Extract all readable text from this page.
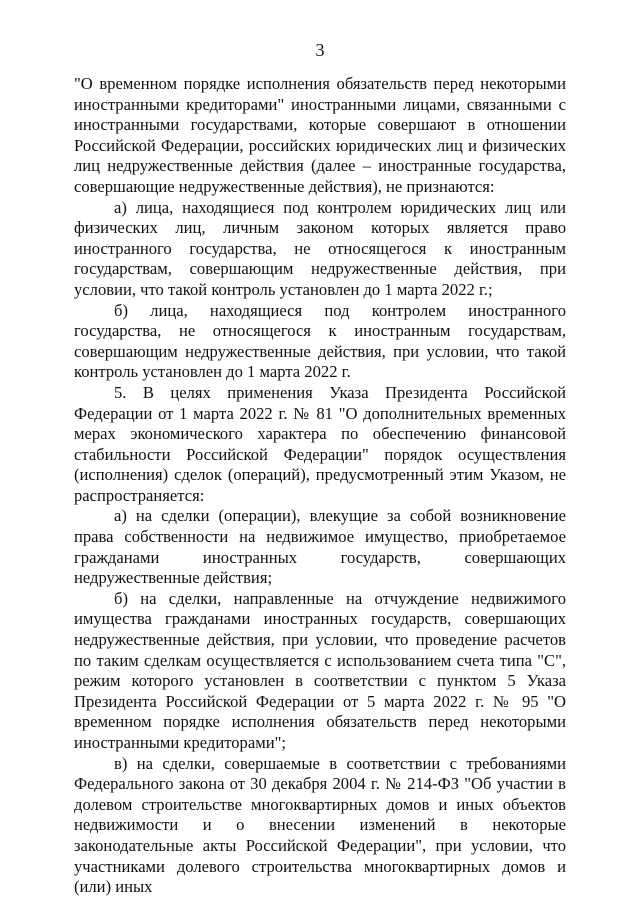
3

"О временном порядке исполнения обязательств перед некоторыми иностранными кредиторами" иностранными лицами, связанными с иностранными государствами, которые совершают в отношении Российской Федерации, российских юридических лиц и физических лиц недружественные действия (далее – иностранные государства, совершающие недружественные действия), не признаются:

а) лица, находящиеся под контролем юридических лиц или физических лиц, личным законом которых является право иностранного государства, не относящегося к иностранным государствам, совершающим недружественные действия, при условии, что такой контроль установлен до 1 марта 2022 г.;

б) лица, находящиеся под контролем иностранного государства, не относящегося к иностранным государствам, совершающим недружественные действия, при условии, что такой контроль установлен до 1 марта 2022 г.

5. В целях применения Указа Президента Российской Федерации от 1 марта 2022 г. № 81 "О дополнительных временных мерах экономического характера по обеспечению финансовой стабильности Российской Федерации" порядок осуществления (исполнения) сделок (операций), предусмотренный этим Указом, не распространяется:

а) на сделки (операции), влекущие за собой возникновение права собственности на недвижимое имущество, приобретаемое гражданами иностранных государств, совершающих недружественные действия;

б) на сделки, направленные на отчуждение недвижимого имущества гражданами иностранных государств, совершающих недружественные действия, при условии, что проведение расчетов по таким сделкам осуществляется с использованием счета типа "С", режим которого установлен в соответствии с пунктом 5 Указа Президента Российской Федерации от 5 марта 2022 г. № 95 "О временном порядке исполнения обязательств перед некоторыми иностранными кредиторами";

в) на сделки, совершаемые в соответствии с требованиями Федерального закона от 30 декабря 2004 г. № 214-ФЗ "Об участии в долевом строительстве многоквартирных домов и иных объектов недвижимости и о внесении изменений в некоторые законодательные акты Российской Федерации", при условии, что участниками долевого строительства многоквартирных домов и (или) иных
